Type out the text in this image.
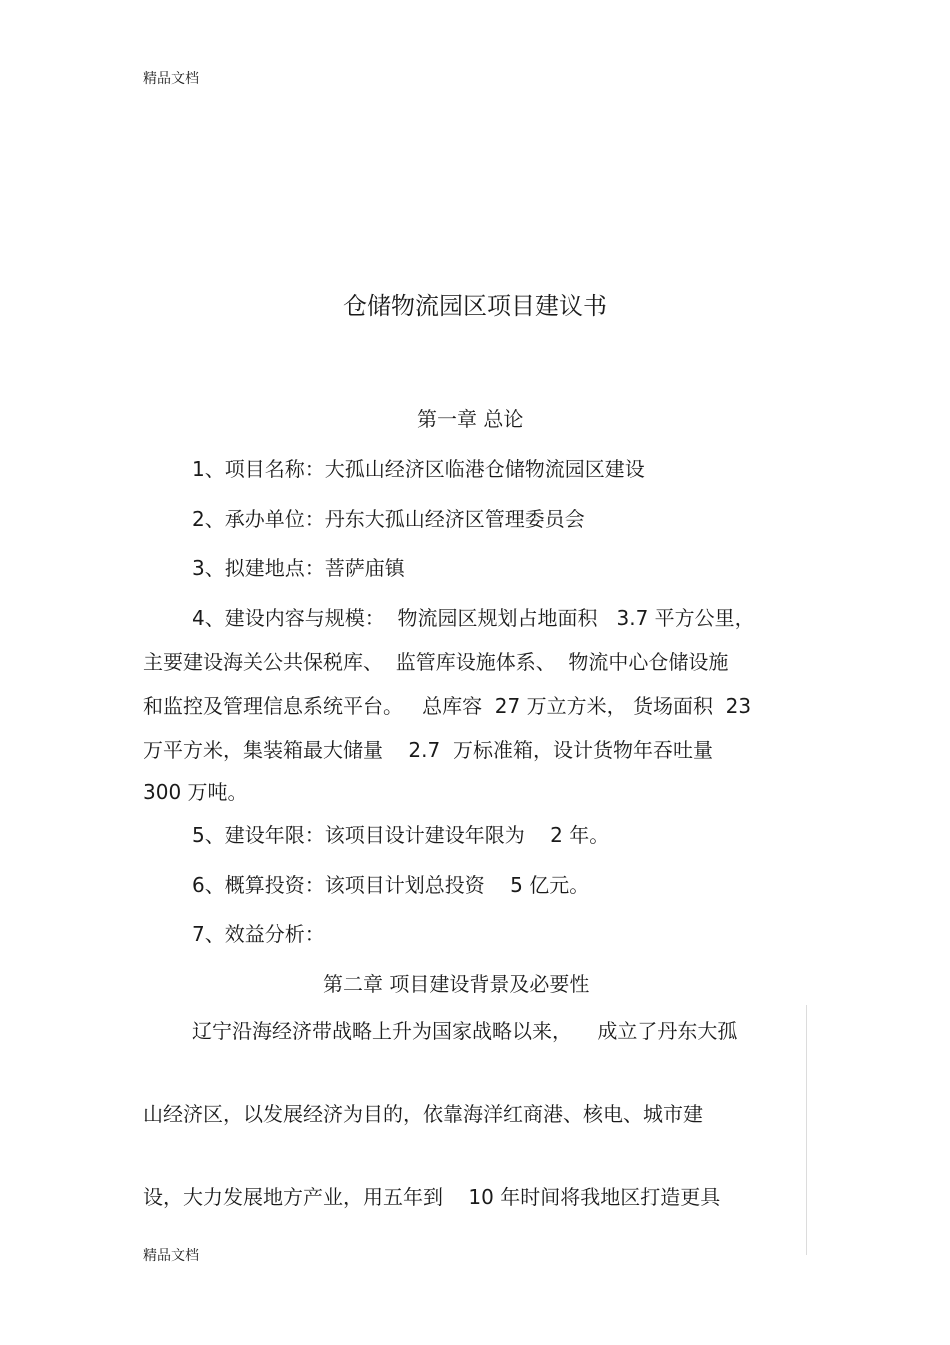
精品文档
仓储物流园区项目建议书
第一章 总论
1、项目名称：大孤山经济区临港仓储物流园区建设
2、承办单位：丹东大孤山经济区管理委员会
3、拟建地点：菩萨庙镇
4、建设内容与规模：  物流园区规划占地面积   3.7 平方公里，
主要建设海关公共保税库、  监管库设施体系、  物流中心仓储设施
和监控及管理信息系统平台。   总库容  27 万立方米， 货场面积  23
万平方米，集装箱最大储量    2.7  万标准箱，设计货物年吞吐量
300 万吨。
5、建设年限：该项目设计建设年限为    2 年。
6、概算投资：该项目计划总投资    5 亿元。
7、效益分析：
第二章 项目建设背景及必要性
辽宁沿海经济带战略上升为国家战略以来，    成立了丹东大孤
山经济区，以发展经济为目的，依靠海洋红商港、核电、城市建
设，大力发展地方产业，用五年到    10 年时间将我地区打造更具
精品文档
